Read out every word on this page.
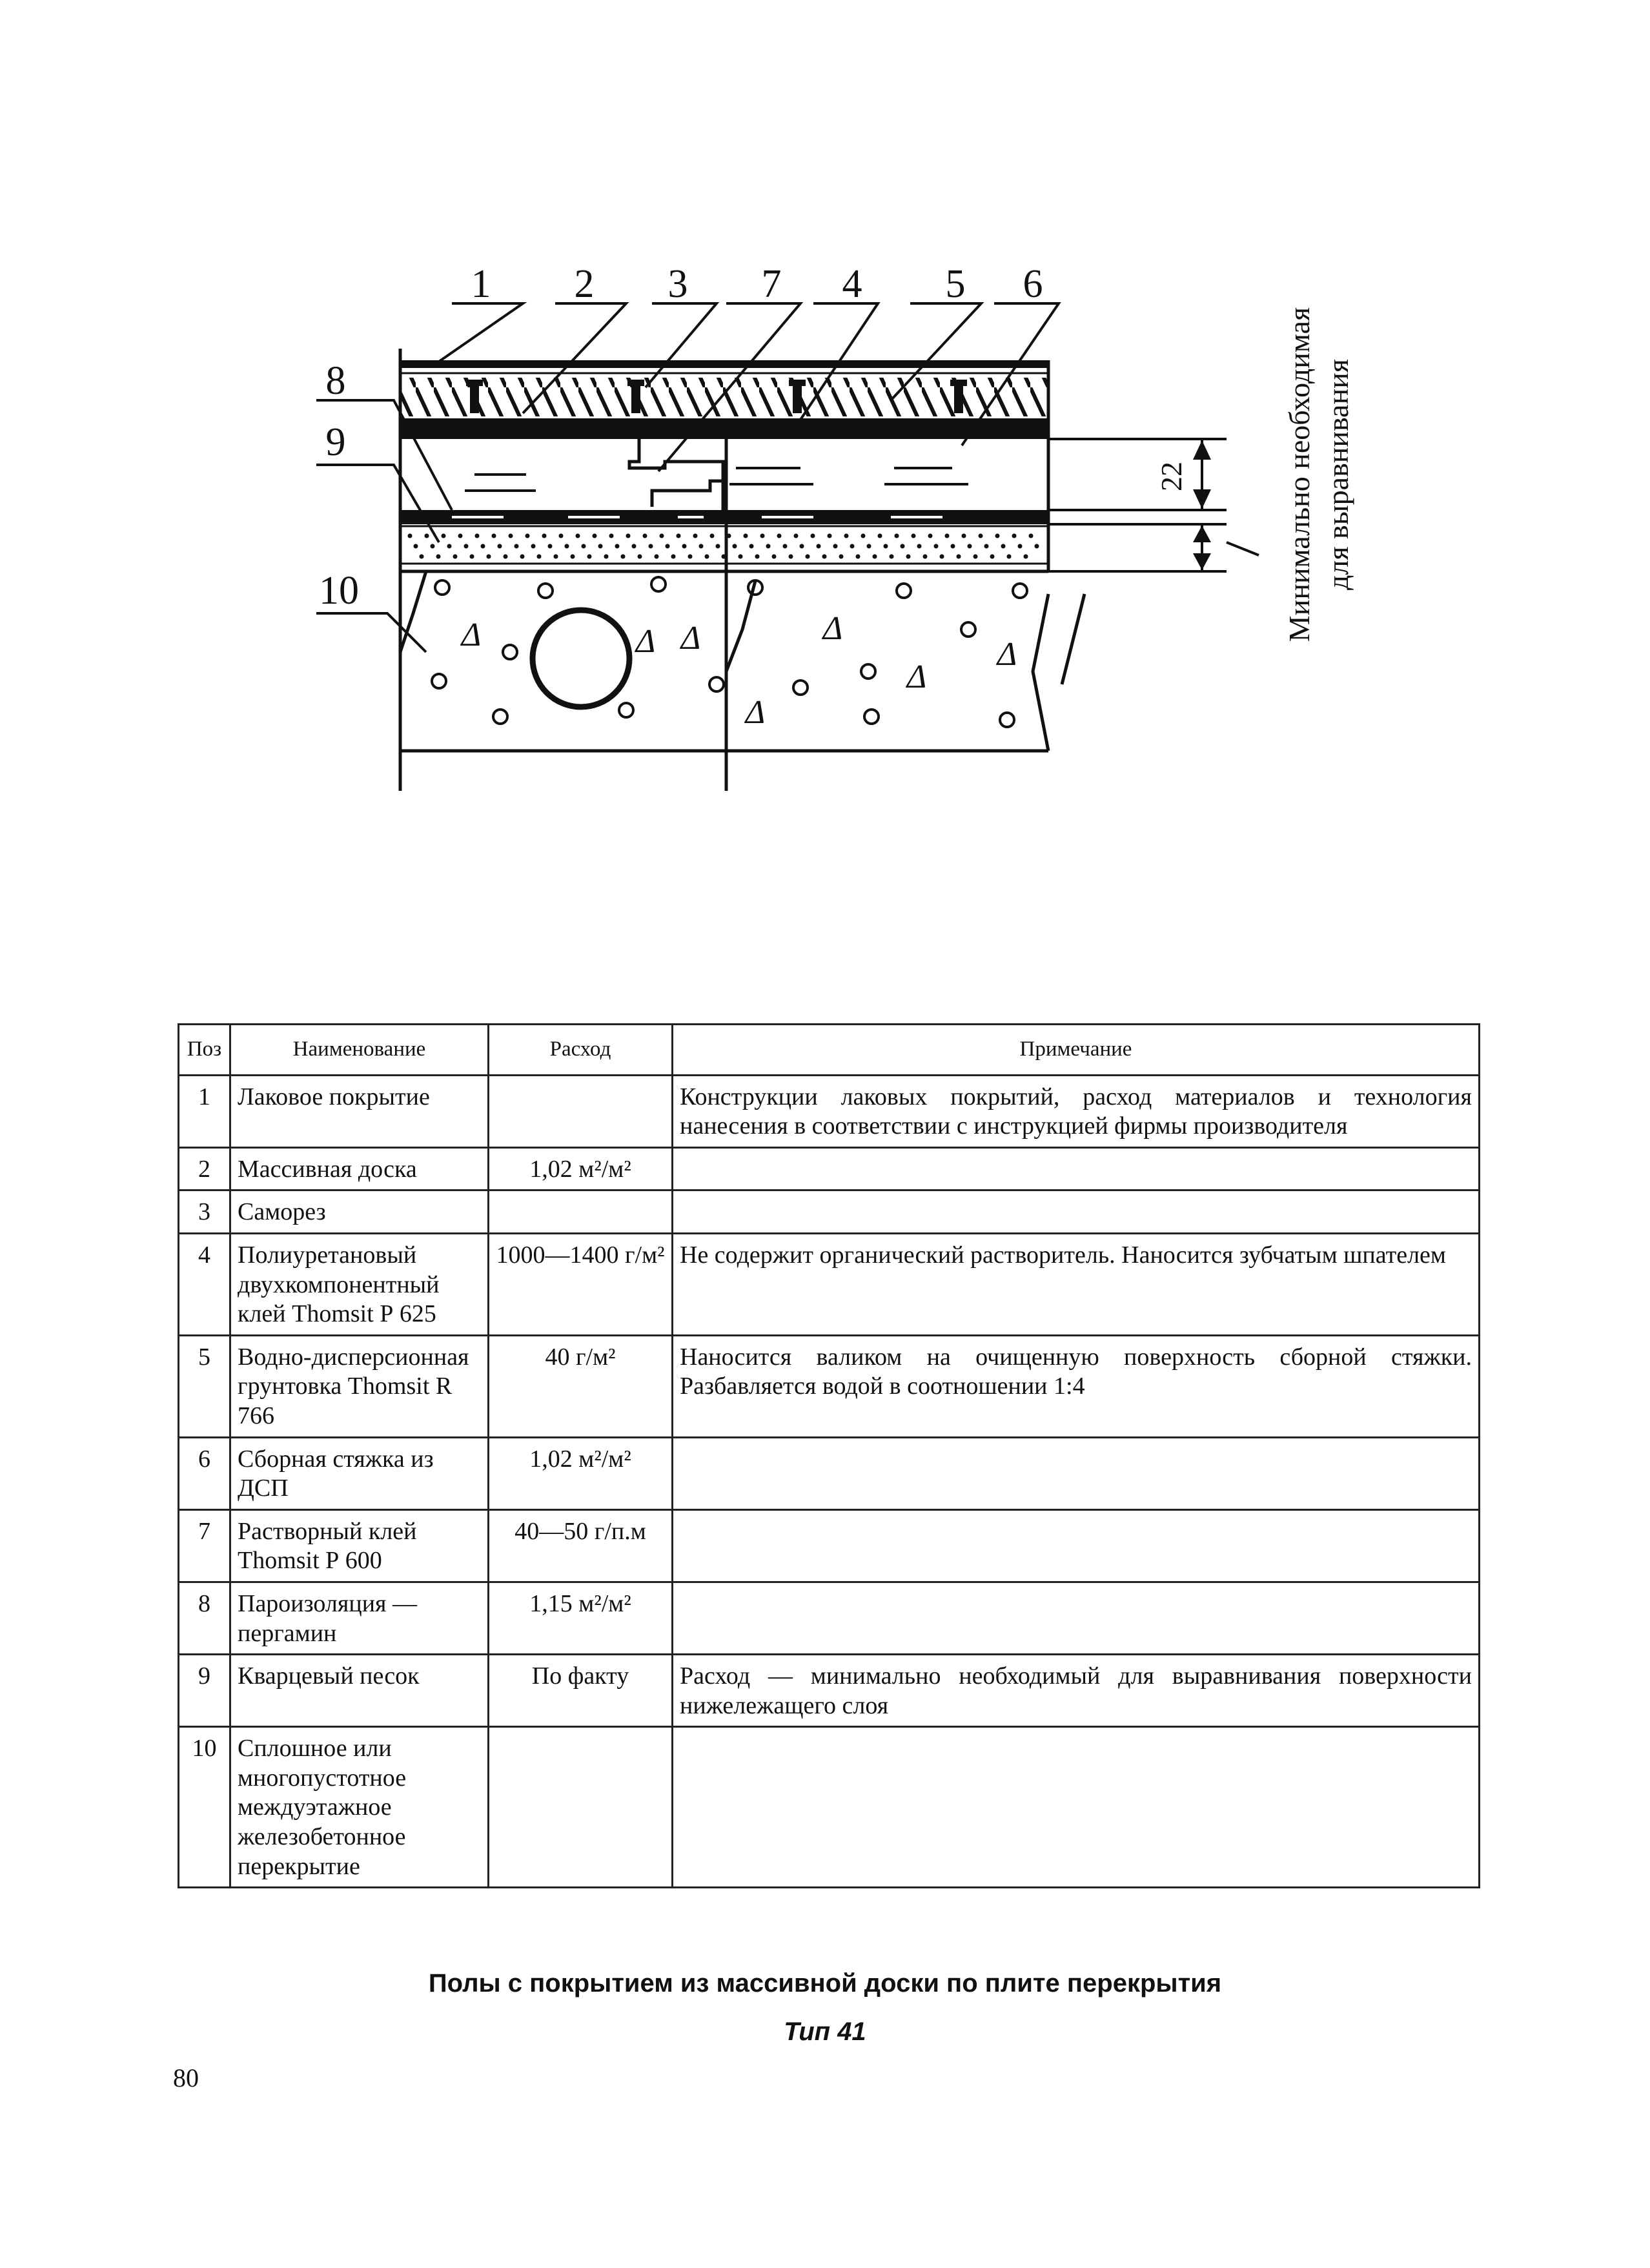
Δ	Δ Δ	Δ
Δ
Δ
Δ
1 2 3 7 4 5 6
8
9
10
22	Минимально необходимая для выравнивания
Поз	Наименование	Расход	Примечание
1	Лаковое покрытие		Конструкции лаковых покрытий, расход материалов и технология нанесения в соответствии с инструкцией фирмы производителя
2	Массивная доска	1,02 м²/м²	
3	Саморез		
4	Полиуретановый двухкомпонентный клей Thomsit Р 625	1000—1400 г/м²	Не содержит органический растворитель. Наносится зубчатым шпателем
5	Водно-дисперсионная грунтовка Thomsit R 766	40 г/м²	Наносится валиком на очищенную поверхность сборной стяжки. Разбавляется водой в соотношении 1:4
6	Сборная стяжка из ДСП	1,02 м²/м²	
7	Растворный клей Thomsit Р 600	40—50 г/п.м	
8	Пароизоляция — пергамин	1,15 м²/м²	
9	Кварцевый песок	По факту	Расход — минимально необходимый для выравнивания поверхности нижележащего слоя
10	Сплошное или многопустотное междуэтажное железобетонное перекрытие		
Полы с покрытием из массивной доски по плите перекрытия
Тип 41
80
